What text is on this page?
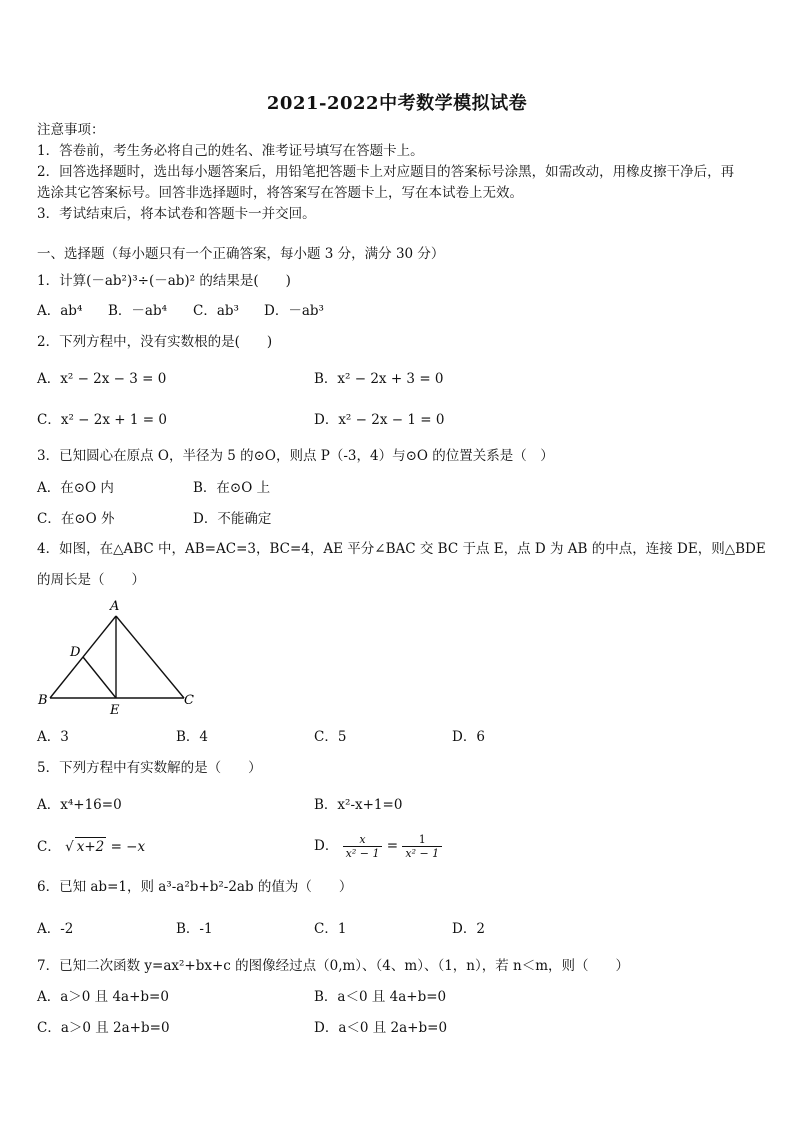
2021-2022中考数学模拟试卷
注意事项：
1．答卷前，考生务必将自己的姓名、准考证号填写在答题卡上。
2．回答选择题时，选出每小题答案后，用铅笔把答题卡上对应题目的答案标号涂黑，如需改动，用橡皮擦干净后，再
选涂其它答案标号。回答非选择题时，将答案写在答题卡上，写在本试卷上无效。
3．考试结束后，将本试卷和答题卡一并交回。
一、选择题（每小题只有一个正确答案，每小题 3 分，满分 30 分）
1．计算(－ab²)³÷(－ab)² 的结果是(　　)
A．ab⁴ B．－ab⁴ C．ab³ D．－ab³
2．下列方程中，没有实数根的是(　　)
A．x² − 2x − 3 = 0	B．x² − 2x + 3 = 0
C．x² − 2x + 1 = 0	D．x² − 2x − 1 = 0
3．已知圆心在原点 O，半径为 5 的⊙O，则点 P（-3，4）与⊙O 的位置关系是（　）
A．在⊙O 内	B．在⊙O 上
C．在⊙O 外	D．不能确定
4．如图，在△ABC 中，AB=AC=3，BC=4，AE 平分∠BAC 交 BC 于点 E，点 D 为 AB 的中点，连接 DE，则△BDE
的周长是（　　）
A
D
B
E
C
A．3	B．4	C．5	D．6
5．下列方程中有实数解的是（　　）
A．x⁴+16=0	B．x²-x+1=0
C． √ x+2 = −x	D． $\frac{x}{\text{x² − 1}} = \frac{1}{\text{x² − 1}}$
6．已知 ab=1，则 a³-a²b+b²-2ab 的值为（　　）
A．-2	B．-1	C．1	D．2
7．已知二次函数 y=ax²+bx+c 的图像经过点（0,m）、（4、m）、（1，n），若 n＜m，则（　　）
A．a＞0 且 4a+b=0	B．a＜0 且 4a+b=0
C．a＞0 且 2a+b=0	D．a＜0 且 2a+b=0
